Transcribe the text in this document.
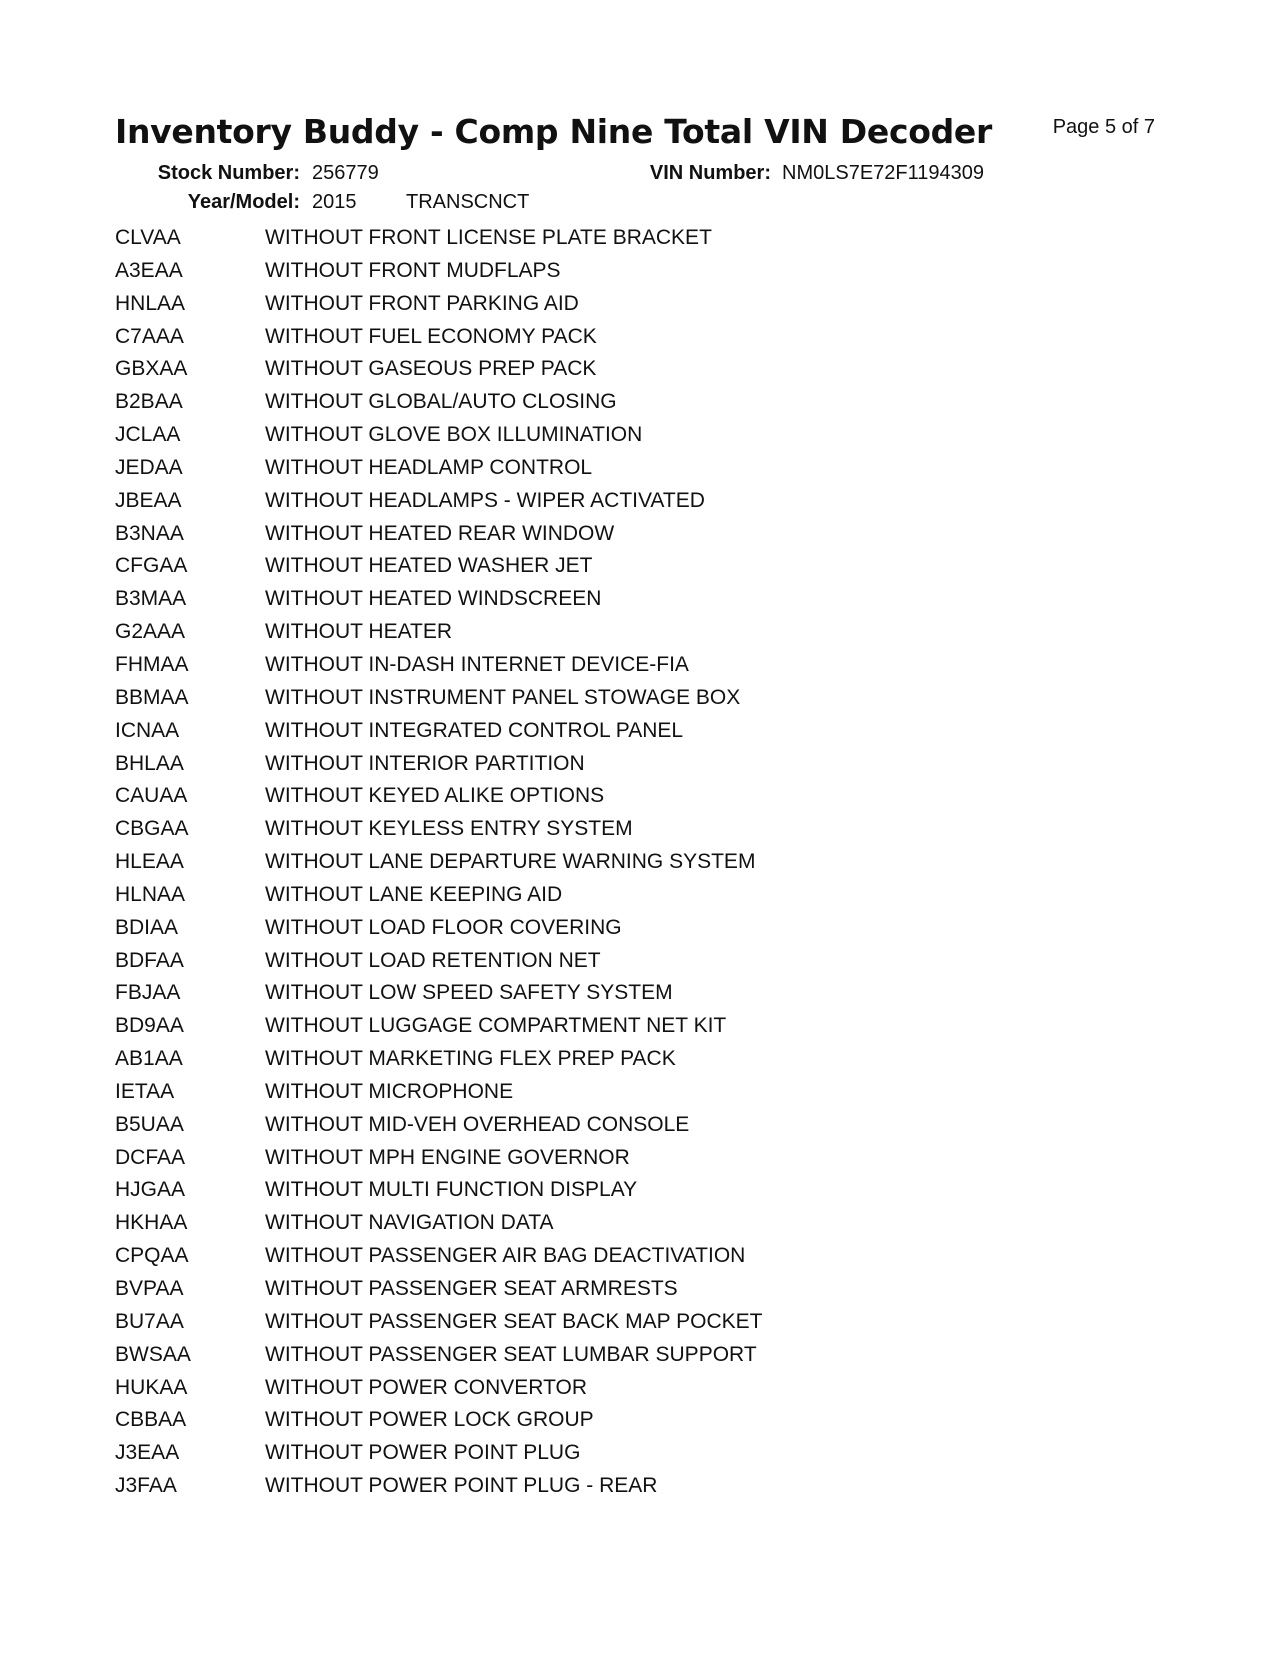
Inventory Buddy - Comp Nine Total VIN Decoder	Page 5 of 7
Stock Number: 256779	VIN Number: NM0LS7E72F1194309
Year/Model: 2015 TRANSCNCT
CLVAA	WITHOUT FRONT LICENSE PLATE BRACKET
A3EAA	WITHOUT FRONT MUDFLAPS
HNLAA	WITHOUT FRONT PARKING AID
C7AAA	WITHOUT FUEL ECONOMY PACK
GBXAA	WITHOUT GASEOUS PREP PACK
B2BAA	WITHOUT GLOBAL/AUTO CLOSING
JCLAA	WITHOUT GLOVE BOX ILLUMINATION
JEDAA	WITHOUT HEADLAMP CONTROL
JBEAA	WITHOUT HEADLAMPS - WIPER ACTIVATED
B3NAA	WITHOUT HEATED REAR WINDOW
CFGAA	WITHOUT HEATED WASHER JET
B3MAA	WITHOUT HEATED WINDSCREEN
G2AAA	WITHOUT HEATER
FHMAA	WITHOUT IN-DASH INTERNET DEVICE-FIA
BBMAA	WITHOUT INSTRUMENT PANEL STOWAGE BOX
ICNAA	WITHOUT INTEGRATED CONTROL PANEL
BHLAA	WITHOUT INTERIOR PARTITION
CAUAA	WITHOUT KEYED ALIKE OPTIONS
CBGAA	WITHOUT KEYLESS ENTRY SYSTEM
HLEAA	WITHOUT LANE DEPARTURE WARNING SYSTEM
HLNAA	WITHOUT LANE KEEPING AID
BDIAA	WITHOUT LOAD FLOOR COVERING
BDFAA	WITHOUT LOAD RETENTION NET
FBJAA	WITHOUT LOW SPEED SAFETY SYSTEM
BD9AA	WITHOUT LUGGAGE COMPARTMENT NET KIT
AB1AA	WITHOUT MARKETING FLEX PREP PACK
IETAA	WITHOUT MICROPHONE
B5UAA	WITHOUT MID-VEH OVERHEAD CONSOLE
DCFAA	WITHOUT MPH ENGINE GOVERNOR
HJGAA	WITHOUT MULTI FUNCTION DISPLAY
HKHAA	WITHOUT NAVIGATION DATA
CPQAA	WITHOUT PASSENGER AIR BAG DEACTIVATION
BVPAA	WITHOUT PASSENGER SEAT ARMRESTS
BU7AA	WITHOUT PASSENGER SEAT BACK MAP POCKET
BWSAA	WITHOUT PASSENGER SEAT LUMBAR SUPPORT
HUKAA	WITHOUT POWER CONVERTOR
CBBAA	WITHOUT POWER LOCK GROUP
J3EAA	WITHOUT POWER POINT PLUG
J3FAA	WITHOUT POWER POINT PLUG - REAR
